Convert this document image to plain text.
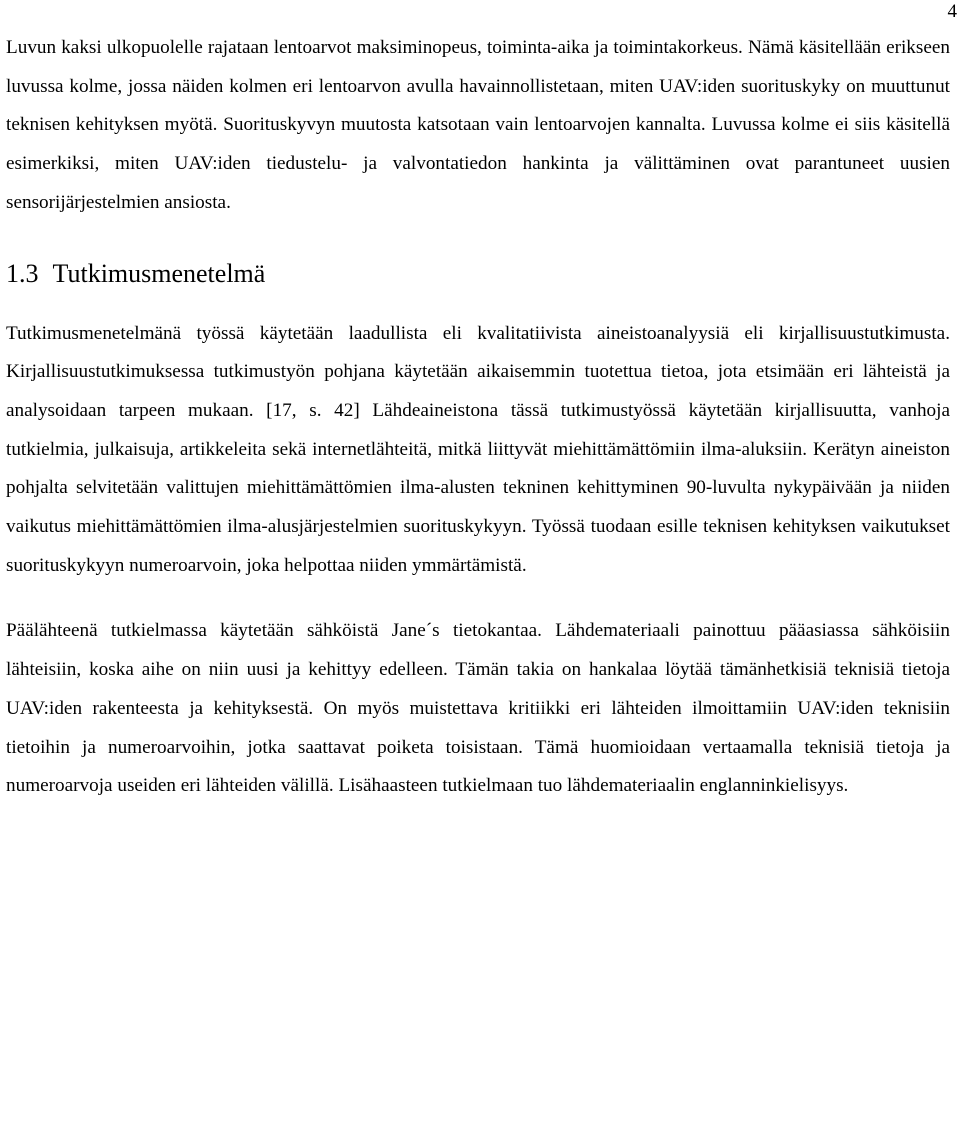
4

Luvun kaksi ulkopuolelle rajataan lentoarvot maksiminopeus, toiminta-aika ja toimintakorkeus. Nämä käsitellään erikseen luvussa kolme, jossa näiden kolmen eri lentoarvon avulla havainnollistetaan, miten UAV:iden suorituskyky on muuttunut teknisen kehityksen myötä. Suorituskyvyn muutosta katsotaan vain lentoarvojen kannalta. Luvussa kolme ei siis käsitellä esimerkiksi, miten UAV:iden tiedustelu- ja valvontatiedon hankinta ja välittäminen ovat parantuneet uusien sensorijärjestelmien ansiosta.

1.3 Tutkimusmenetelmä

Tutkimusmenetelmänä työssä käytetään laadullista eli kvalitatiivista aineistoanalyysiä eli kirjallisuustutkimusta. Kirjallisuustutkimuksessa tutkimustyön pohjana käytetään aikaisemmin tuotettua tietoa, jota etsimään eri lähteistä ja analysoidaan tarpeen mukaan. [17, s. 42] Lähdeaineistona tässä tutkimustyössä käytetään kirjallisuutta, vanhoja tutkielmia, julkaisuja, artikkeleita sekä internetlähteitä, mitkä liittyvät miehittämättömiin ilma-aluksiin. Kerätyn aineiston pohjalta selvitetään valittujen miehittämättömien ilma-alusten tekninen kehittyminen 90-luvulta nykypäivään ja niiden vaikutus miehittämättömien ilma-alusjärjestelmien suorituskykyyn. Työssä tuodaan esille teknisen kehityksen vaikutukset suorituskykyyn numeroarvoin, joka helpottaa niiden ymmärtämistä.

Päälähteenä tutkielmassa käytetään sähköistä Jane´s tietokantaa. Lähdemateriaali painottuu pääasiassa sähköisiin lähteisiin, koska aihe on niin uusi ja kehittyy edelleen. Tämän takia on hankalaa löytää tämänhetkisiä teknisiä tietoja UAV:iden rakenteesta ja kehityksestä. On myös muistettava kritiikki eri lähteiden ilmoittamiin UAV:iden teknisiin tietoihin ja numeroarvoihin, jotka saattavat poiketa toisistaan. Tämä huomioidaan vertaamalla teknisiä tietoja ja numeroarvoja useiden eri lähteiden välillä. Lisähaasteen tutkielmaan tuo lähdemateriaalin englanninkielisyys.
